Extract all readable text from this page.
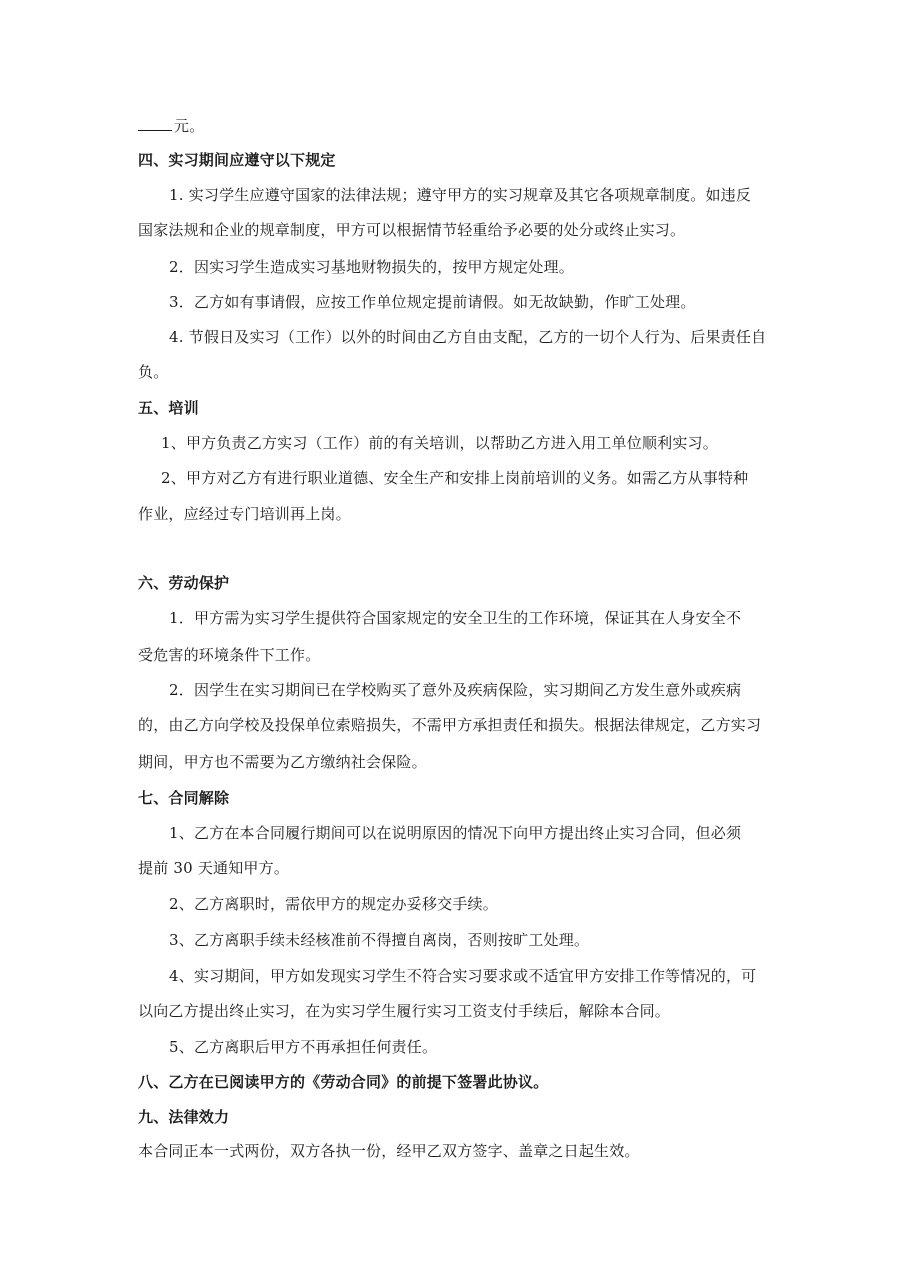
元。
四、实习期间应遵守以下规定
1. 实习学生应遵守国家的法律法规；遵守甲方的实习规章及其它各项规章制度。如违反
国家法规和企业的规章制度，甲方可以根据情节轻重给予必要的处分或终止实习。
2．因实习学生造成实习基地财物损失的，按甲方规定处理。
3．乙方如有事请假，应按工作单位规定提前请假。如无故缺勤，作旷工处理。
4. 节假日及实习（工作）以外的时间由乙方自由支配，乙方的一切个人行为、后果责任自
负。
五、培训
1、甲方负责乙方实习（工作）前的有关培训，以帮助乙方进入用工单位顺利实习。
2、甲方对乙方有进行职业道德、安全生产和安排上岗前培训的义务。如需乙方从事特种
作业，应经过专门培训再上岗。
六、劳动保护
1．甲方需为实习学生提供符合国家规定的安全卫生的工作环境，保证其在人身安全不
受危害的环境条件下工作。
2．因学生在实习期间已在学校购买了意外及疾病保险，实习期间乙方发生意外或疾病
的，由乙方向学校及投保单位索赔损失，不需甲方承担责任和损失。根据法律规定，乙方实习
期间，甲方也不需要为乙方缴纳社会保险。
七、合同解除
1、乙方在本合同履行期间可以在说明原因的情况下向甲方提出终止实习合同，但必须
提前 30 天通知甲方。
2、乙方离职时，需依甲方的规定办妥移交手续。
3、乙方离职手续未经核准前不得擅自离岗，否则按旷工处理。
4、实习期间，甲方如发现实习学生不符合实习要求或不适宜甲方安排工作等情况的，可
以向乙方提出终止实习，在为实习学生履行实习工资支付手续后，解除本合同。
5、乙方离职后甲方不再承担任何责任。
八、乙方在已阅读甲方的《劳动合同》的前提下签署此协议。
九、法律效力
本合同正本一式两份，双方各执一份，经甲乙双方签字、盖章之日起生效。
